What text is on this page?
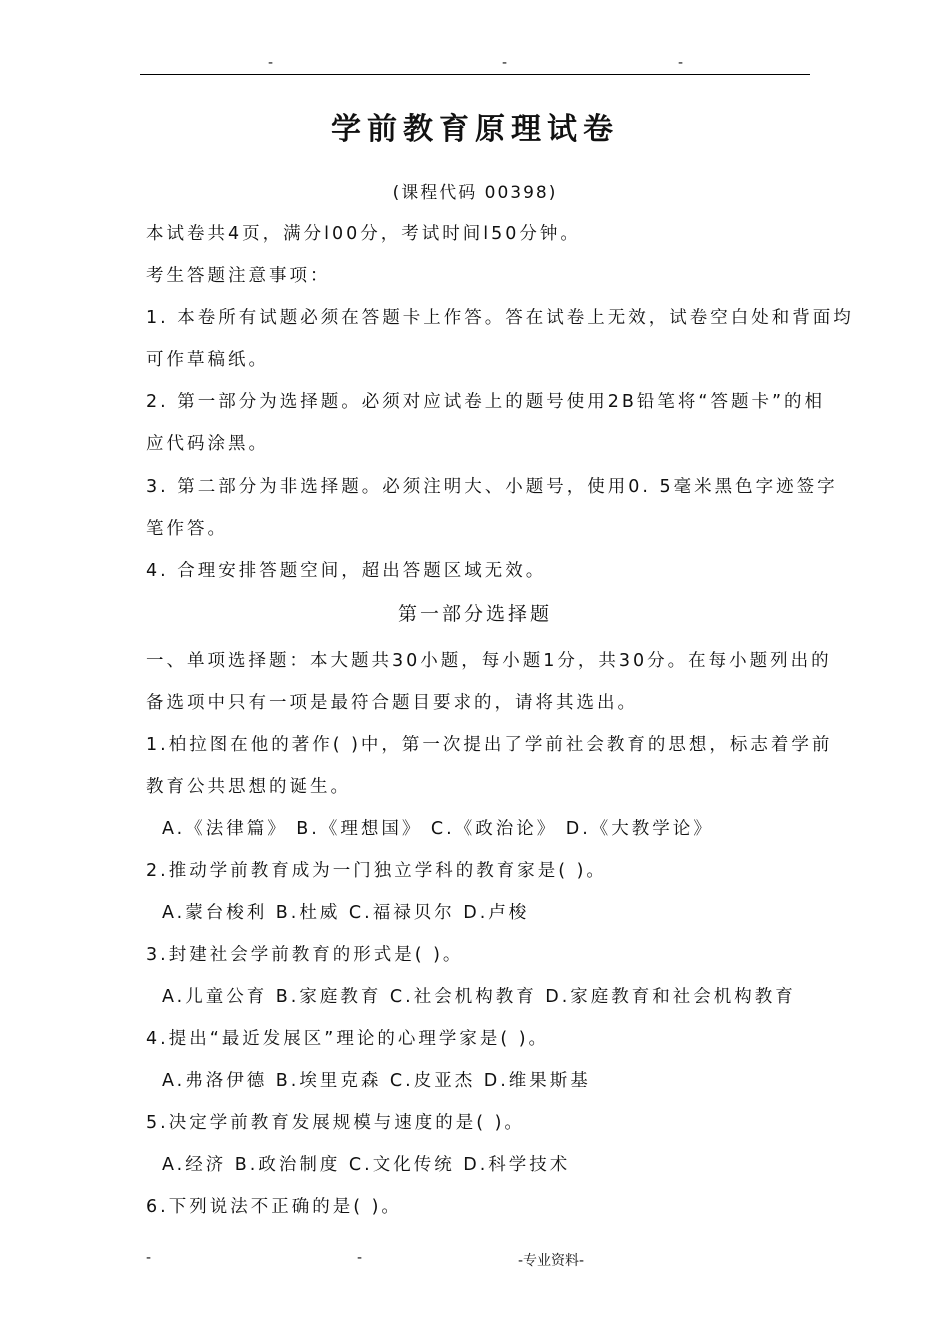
-	-	-
学前教育原理试卷
(课程代码 00398)
本试卷共4页，满分l00分，考试时间l50分钟。
考生答题注意事项：
1. 本卷所有试题必须在答题卡上作答。答在试卷上无效，试卷空白处和背面均
可作草稿纸。
2. 第一部分为选择题。必须对应试卷上的题号使用2B铅笔将“答题卡”的相
应代码涂黑。
3. 第二部分为非选择题。必须注明大、小题号，使用0. 5毫米黑色字迹签字
笔作答。
4. 合理安排答题空间，超出答题区域无效。
第一部分选择题
一、单项选择题：本大题共30小题，每小题1分，共30分。在每小题列出的
备选项中只有一项是最符合题目要求的，请将其选出。
1.柏拉图在他的著作( )中，第一次提出了学前社会教育的思想，标志着学前
教育公共思想的诞生。
A.《法律篇》 B.《理想国》 C.《政治论》 D.《大教学论》
2.推动学前教育成为一门独立学科的教育家是( )。
A.蒙台梭利 B.杜威 C.福禄贝尔 D.卢梭
3.封建社会学前教育的形式是( )。
A.儿童公育 B.家庭教育 C.社会机构教育 D.家庭教育和社会机构教育
4.提出“最近发展区”理论的心理学家是( )。
A.弗洛伊德 B.埃里克森 C.皮亚杰 D.维果斯基
5.决定学前教育发展规模与速度的是( )。
A.经济 B.政治制度 C.文化传统 D.科学技术
6.下列说法不正确的是( )。
-	-	-专业资料-
